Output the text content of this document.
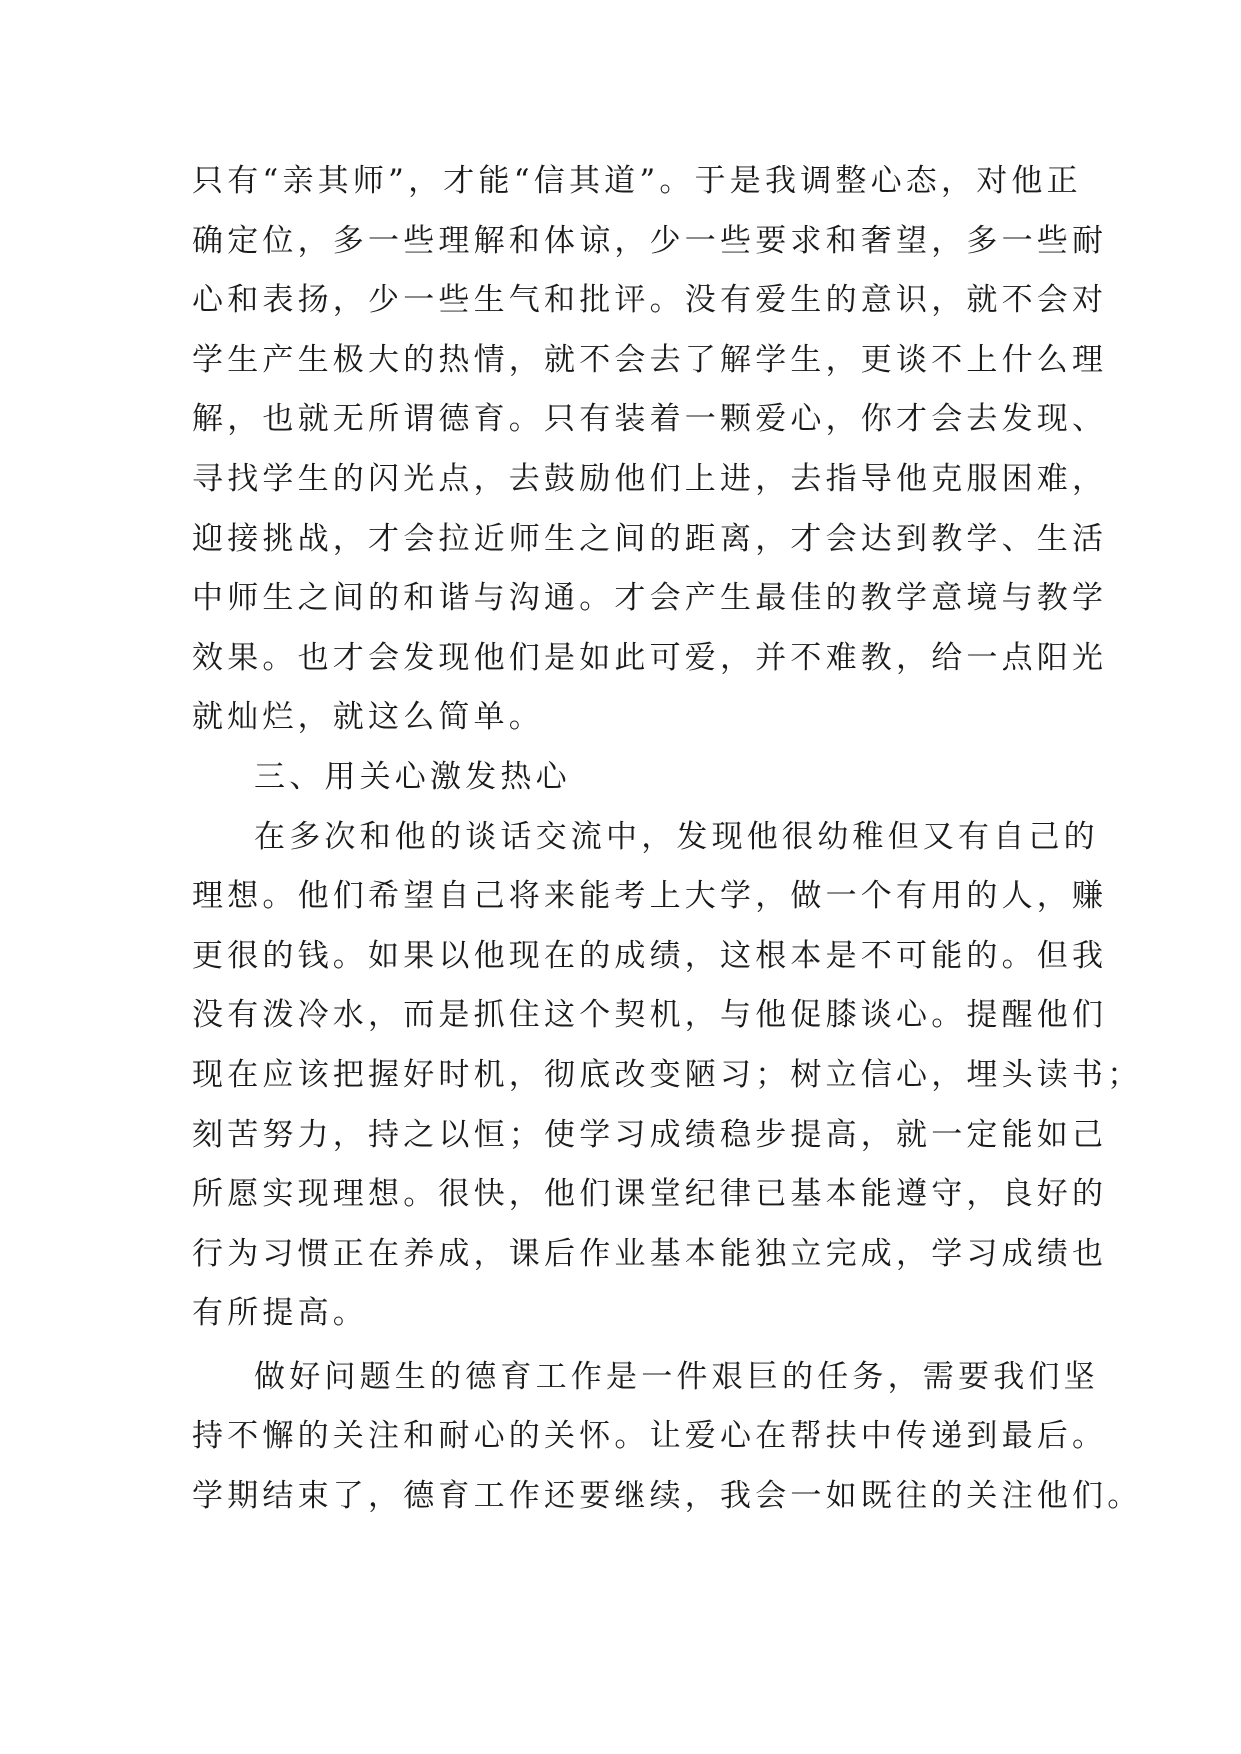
只有“亲其师”，才能“信其道”。于是我调整心态，对他正
确定位，多一些理解和体谅，少一些要求和奢望，多一些耐
心和表扬，少一些生气和批评。没有爱生的意识，就不会对
学生产生极大的热情，就不会去了解学生，更谈不上什么理
解，也就无所谓德育。只有装着一颗爱心，你才会去发现、
寻找学生的闪光点，去鼓励他们上进，去指导他克服困难，
迎接挑战，才会拉近师生之间的距离，才会达到教学、生活
中师生之间的和谐与沟通。才会产生最佳的教学意境与教学
效果。也才会发现他们是如此可爱，并不难教，给一点阳光
就灿烂，就这么简单。
三、用关心激发热心
在多次和他的谈话交流中，发现他很幼稚但又有自己的
理想。他们希望自己将来能考上大学，做一个有用的人，赚
更很的钱。如果以他现在的成绩，这根本是不可能的。但我
没有泼冷水，而是抓住这个契机，与他促膝谈心。提醒他们
现在应该把握好时机，彻底改变陋习；树立信心，埋头读书；
刻苦努力，持之以恒；使学习成绩稳步提高，就一定能如己
所愿实现理想。很快，他们课堂纪律已基本能遵守，良好的
行为习惯正在养成，课后作业基本能独立完成，学习成绩也
有所提高。
做好问题生的德育工作是一件艰巨的任务，需要我们坚
持不懈的关注和耐心的关怀。让爱心在帮扶中传递到最后。
学期结束了，德育工作还要继续，我会一如既往的关注他们。
